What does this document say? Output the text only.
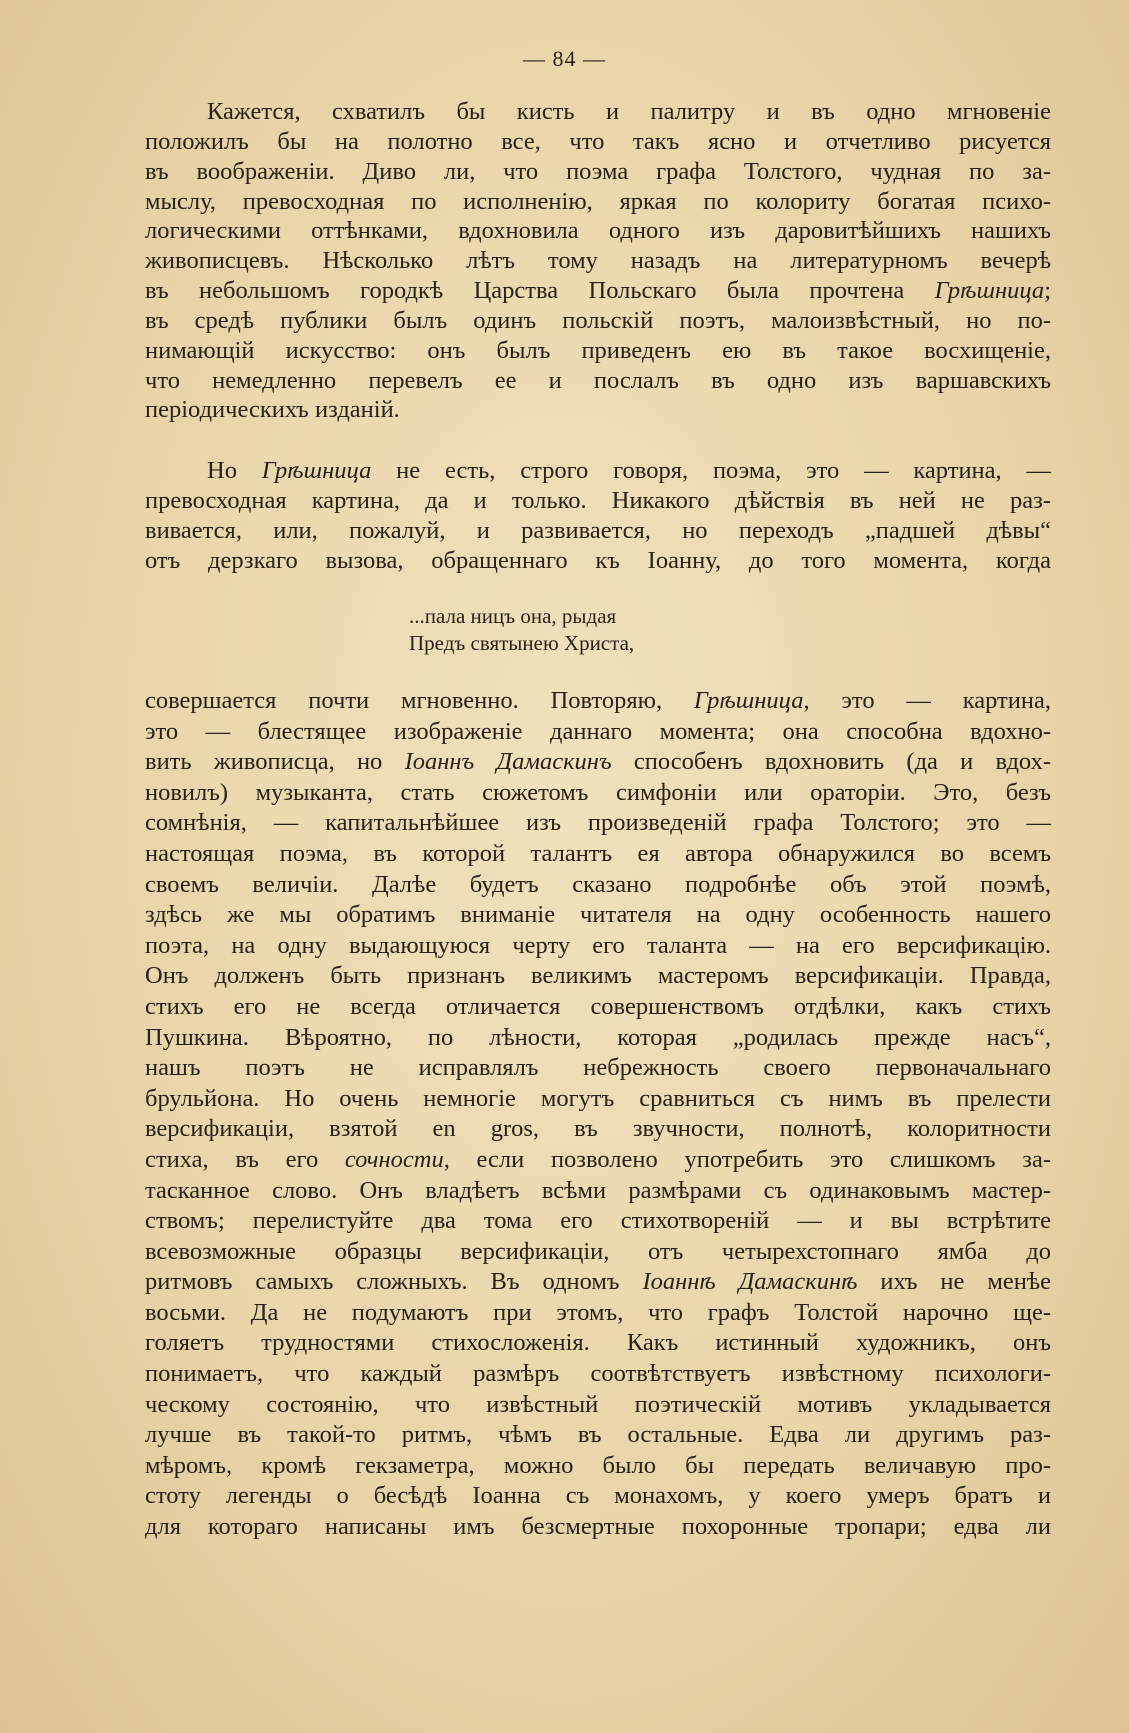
— 84 —
Кажется, схватилъ бы кисть и палитру и въ одно мгновеніе
положилъ бы на полотно все, что такъ ясно и отчетливо рисуется
въ воображеніи. Диво ли, что поэма графа Толстого, чудная по за-
мыслу, превосходная по исполненію, яркая по колориту богатая психо-
логическими оттѣнками, вдохновила одного изъ даровитѣйшихъ нашихъ
живописцевъ. Нѣсколько лѣтъ тому назадъ на литературномъ вечерѣ
въ небольшомъ городкѣ Царства Польскаго была прочтена Грѣшница;
въ средѣ публики былъ одинъ польскій поэтъ, малоизвѣстный, но по-
нимающій искусство: онъ былъ приведенъ ею въ такое восхищеніе,
что немедленно перевелъ ее и послалъ въ одно изъ варшавскихъ
періодическихъ изданій.
Но Грѣшница не есть, строго говоря, поэма, это — картина, —
превосходная картина, да и только. Никакого дѣйствія въ ней не раз-
вивается, или, пожалуй, и развивается, но переходъ „падшей дѣвы“
отъ дерзкаго вызова, обращеннаго къ Іоанну, до того момента, когда
...пала ницъ она, рыдая
Предъ святынею Христа,
совершается почти мгновенно. Повторяю, Грѣшница, это — картина,
это — блестящее изображеніе даннаго момента; она способна вдохно-
вить живописца, но Іоаннъ Дамаскинъ способенъ вдохновить (да и вдох-
новилъ) музыканта, стать сюжетомъ симфоніи или ораторіи. Это, безъ
сомнѣнія, — капитальнѣйшее изъ произведеній графа Толстого; это —
настоящая поэма, въ которой талантъ ея автора обнаружился во всемъ
своемъ величіи. Далѣе будетъ сказано подробнѣе объ этой поэмѣ,
здѣсь же мы обратимъ вниманіе читателя на одну особенность нашего
поэта, на одну выдающуюся черту его таланта — на его версификацію.
Онъ долженъ быть признанъ великимъ мастеромъ версификаціи. Правда,
стихъ его не всегда отличается совершенствомъ отдѣлки, какъ стихъ
Пушкина. Вѣроятно, по лѣности, которая „родилась прежде насъ“,
нашъ поэтъ не исправлялъ небрежность своего первоначальнаго
брульйона. Но очень немногіе могутъ сравниться съ нимъ въ прелести
версификаціи, взятой en gros, въ звучности, полнотѣ, колоритности
стиха, въ его сочности, если позволено употребить это слишкомъ за-
тасканное слово. Онъ владѣетъ всѣми размѣрами съ одинаковымъ мастер-
ствомъ; перелистуйте два тома его стихотвореній — и вы встрѣтите
всевозможные образцы версификаціи, отъ четырехстопнаго ямба до
ритмовъ самыхъ сложныхъ. Въ одномъ Іоаннѣ Дамаскинѣ ихъ не менѣе
восьми. Да не подумаютъ при этомъ, что графъ Толстой нарочно ще-
голяетъ трудностями стихосложенія. Какъ истинный художникъ, онъ
понимаетъ, что каждый размѣръ соотвѣтствуетъ извѣстному психологи-
ческому состоянію, что извѣстный поэтическій мотивъ укладывается
лучше въ такой-то ритмъ, чѣмъ въ остальные. Едва ли другимъ раз-
мѣромъ, кромѣ гекзаметра, можно было бы передать величавую про-
стоту легенды о бесѣдѣ Іоанна съ монахомъ, у коего умеръ братъ и
для котораго написаны имъ безсмертные похоронные тропари; едва ли
